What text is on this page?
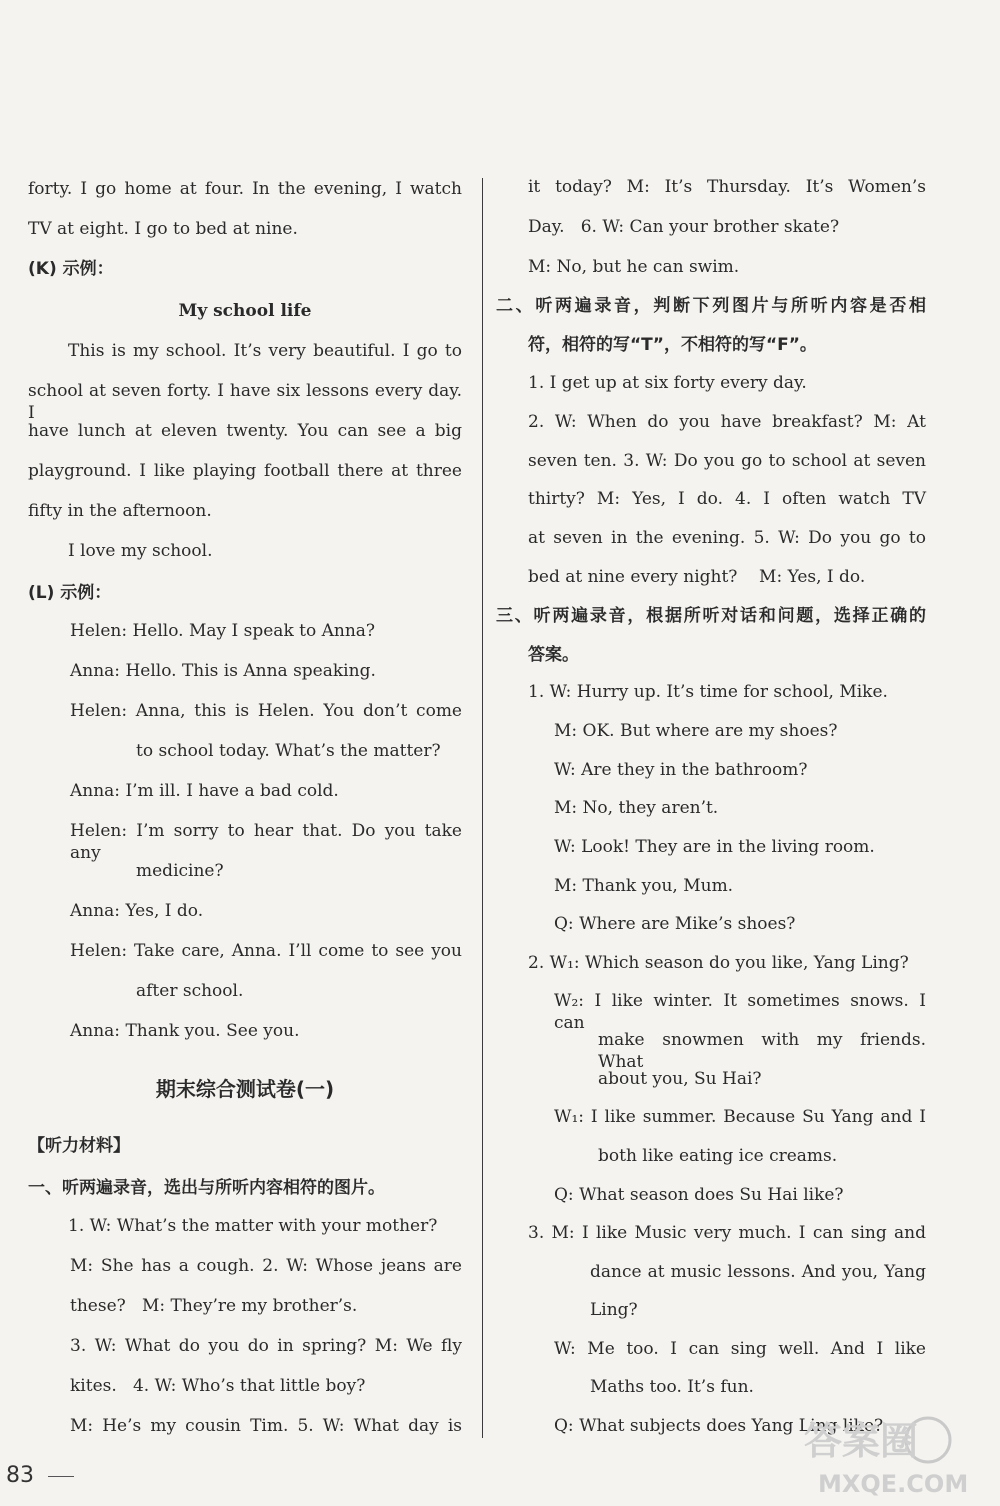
forty. I go home at four. In the evening, I watch
TV at eight. I go to bed at nine.
(K) 示例：
My school life
This is my school. It’s very beautiful. I go to
school at seven forty. I have six lessons every day. I
have lunch at eleven twenty. You can see a big
playground. I like playing football there at three
fifty in the afternoon.
I love my school.
(L) 示例：
Helen: Hello. May I speak to Anna?
Anna: Hello. This is Anna speaking.
Helen: Anna, this is Helen. You don’t come
to school today. What’s the matter?
Anna: I’m ill. I have a bad cold.
Helen: I’m sorry to hear that. Do you take any
medicine?
Anna: Yes, I do.
Helen: Take care, Anna. I’ll come to see you
after school.
Anna: Thank you. See you.
期末综合测试卷(一)
【听力材料】
一、听两遍录音，选出与所听内容相符的图片。
1. W: What’s the matter with your mother?
M: She has a cough. 2. W: Whose jeans are
these?   M: They’re my brother’s.
3. W: What do you do in spring? M: We fly
kites.   4. W: Who’s that little boy?
M: He’s my cousin Tim. 5. W: What day is
it today? M: It’s Thursday. It’s Women’s
Day.   6. W: Can your brother skate?
M: No, but he can swim.
二、听两遍录音，判断下列图片与所听内容是否相
符，相符的写“T”，不相符的写“F”。
1. I get up at six forty every day.
2. W: When do you have breakfast? M: At
seven ten. 3. W: Do you go to school at seven
thirty? M: Yes, I do. 4. I often watch TV
at seven in the evening. 5. W: Do you go to
bed at nine every night?    M: Yes, I do.
三、听两遍录音，根据所听对话和问题，选择正确的
答案。
1. W: Hurry up. It’s time for school, Mike.
M: OK. But where are my shoes?
W: Are they in the bathroom?
M: No, they aren’t.
W: Look! They are in the living room.
M: Thank you, Mum.
Q: Where are Mike’s shoes?
2. W₁: Which season do you like, Yang Ling?
W₂: I like winter. It sometimes snows. I can
make snowmen with my friends. What
about you, Su Hai?
W₁: I like summer. Because Su Yang and I
both like eating ice creams.
Q: What season does Su Hai like?
3. M: I like Music very much. I can sing and
dance at music lessons. And you, Yang
Ling?
W: Me too. I can sing well. And I like
Maths too. It’s fun.
Q: What subjects does Yang Ling like?
83
答案圈
MXQE.COM
